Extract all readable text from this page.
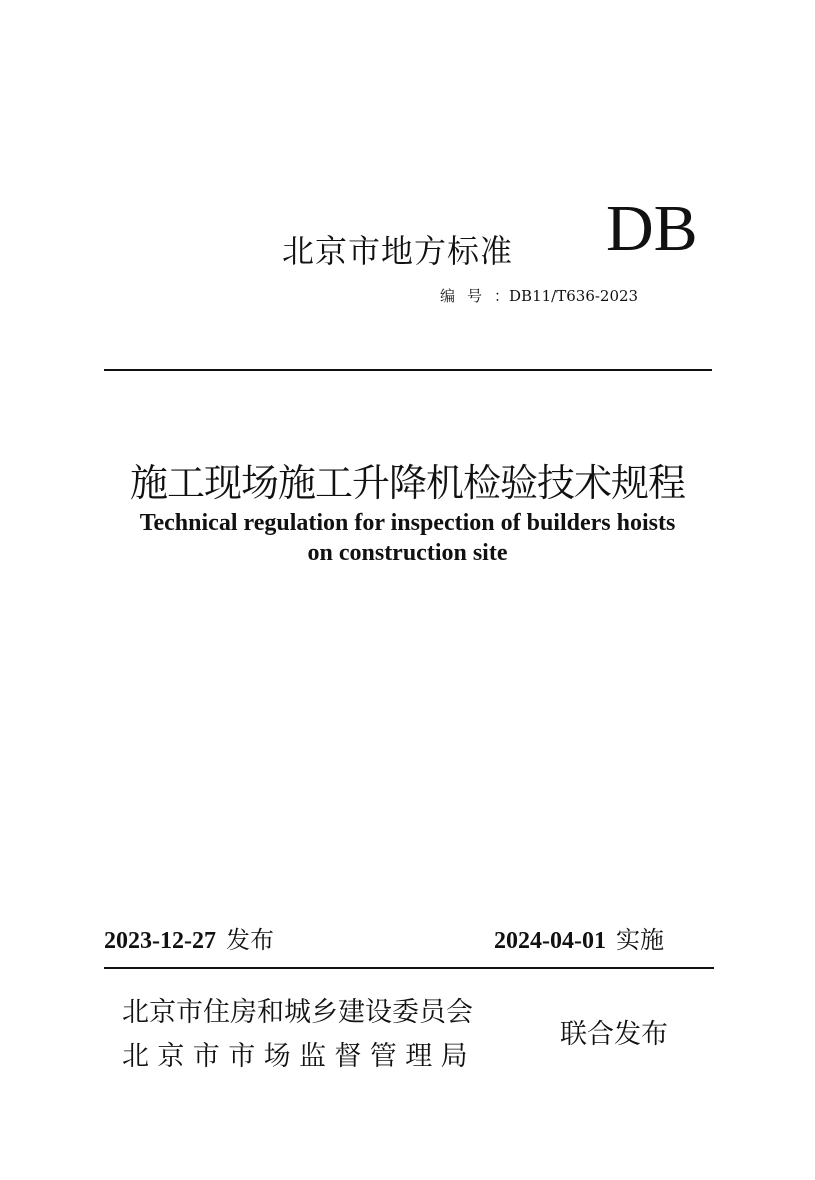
北京市地方标准 DB
编号：DB11/T636-2023
施工现场施工升降机检验技术规程
Technical regulation for inspection of builders hoists
on construction site
2023-12-27 发布	2024-04-01 实施
北京市住房和城乡建设委员会
北京市市场监督管理局
联合发布
